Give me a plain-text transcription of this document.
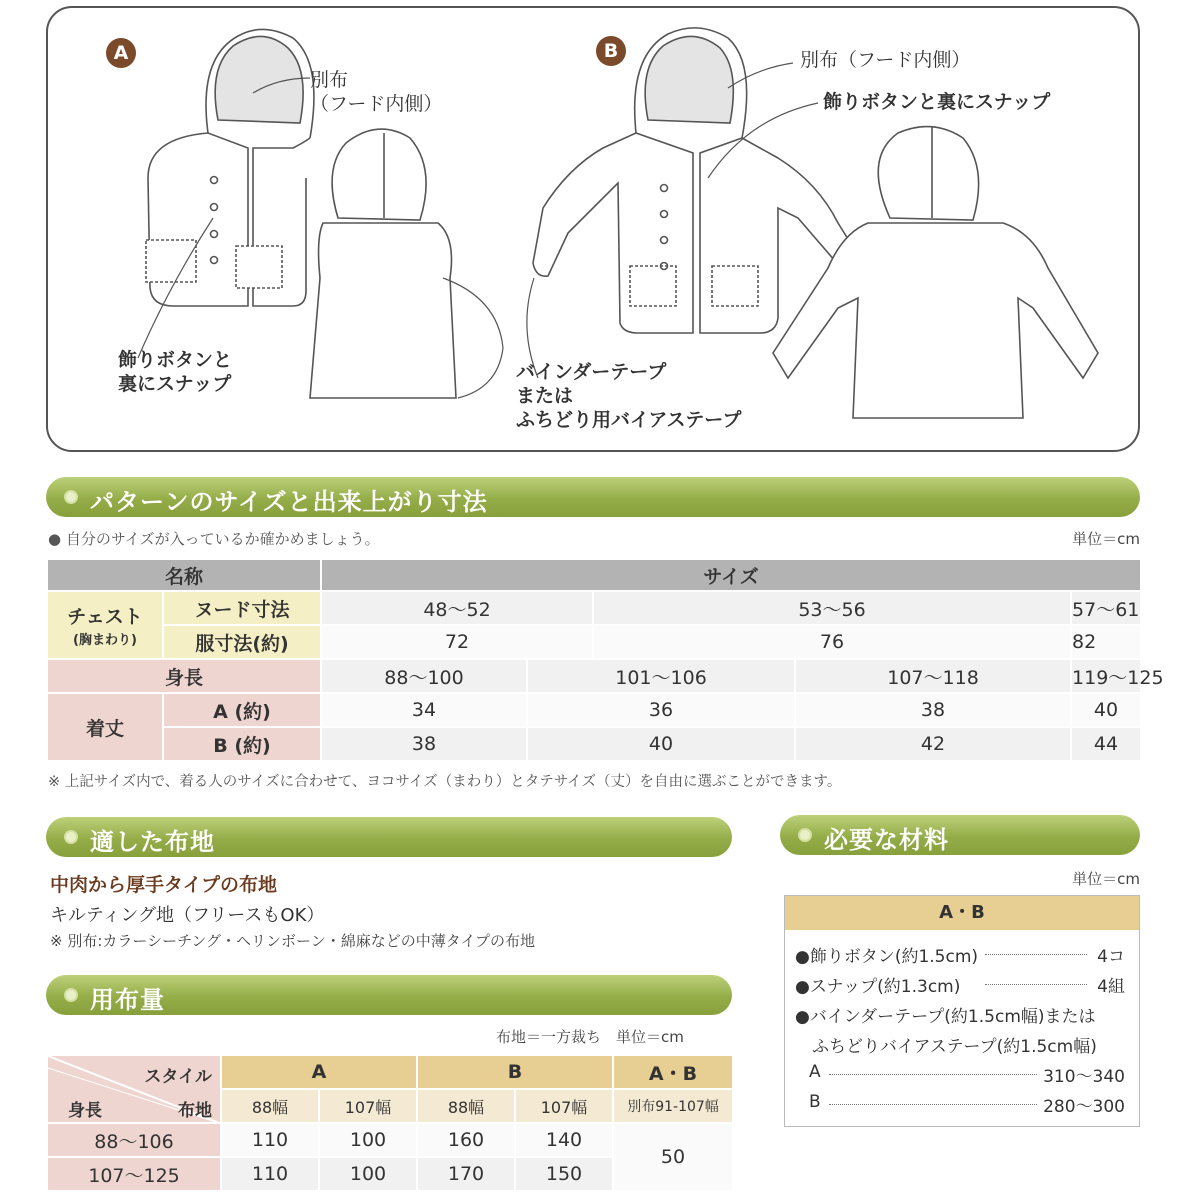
A	B
別布
（フード内側）
飾りボタンと
裏にスナップ
バインダーテープ
または
ふちどり用バイアステープ
別布（フード内側）
飾りボタンと裏にスナップ
パターンのサイズと出来上がり寸法
● 自分のサイズが入っているか確かめましょう。	単位＝cm
名称		サイズ				

チェスト
(胸まわり)	ヌード寸法	48〜52		53〜56		57〜61
	服寸法(約)	72		76		82
身長		88〜100	101〜106		107〜118	119〜125
着丈	A (約)	34	36		38	40
	B (約)	38	40		42	44
※ 上記サイズ内で、着る人のサイズに合わせて、ヨコサイズ（まわり）とタテサイズ（丈）を自由に選ぶことができます。
適した布地
中肉から厚手タイプの布地
キルティング地（フリースもOK）
※ 別布:カラーシーチング・ヘリンボーン・綿麻などの中薄タイプの布地
必要な材料
単位＝cm
A・B
●飾りボタン(約1.5cm)	4コ
●スナップ(約1.3cm)	4組
●バインダーテープ(約1.5cm幅)または
　ふちどりバイアステープ(約1.5cm幅)
A	310〜340
B	280〜300
用布量
布地＝一方裁ち　単位＝cm
スタイル
布地
身長	A		B		A・B
	88幅	107幅	88幅	107幅	別布91-107幅
88〜106	110	100	160	140	50
107〜125	110	100	170	150	
